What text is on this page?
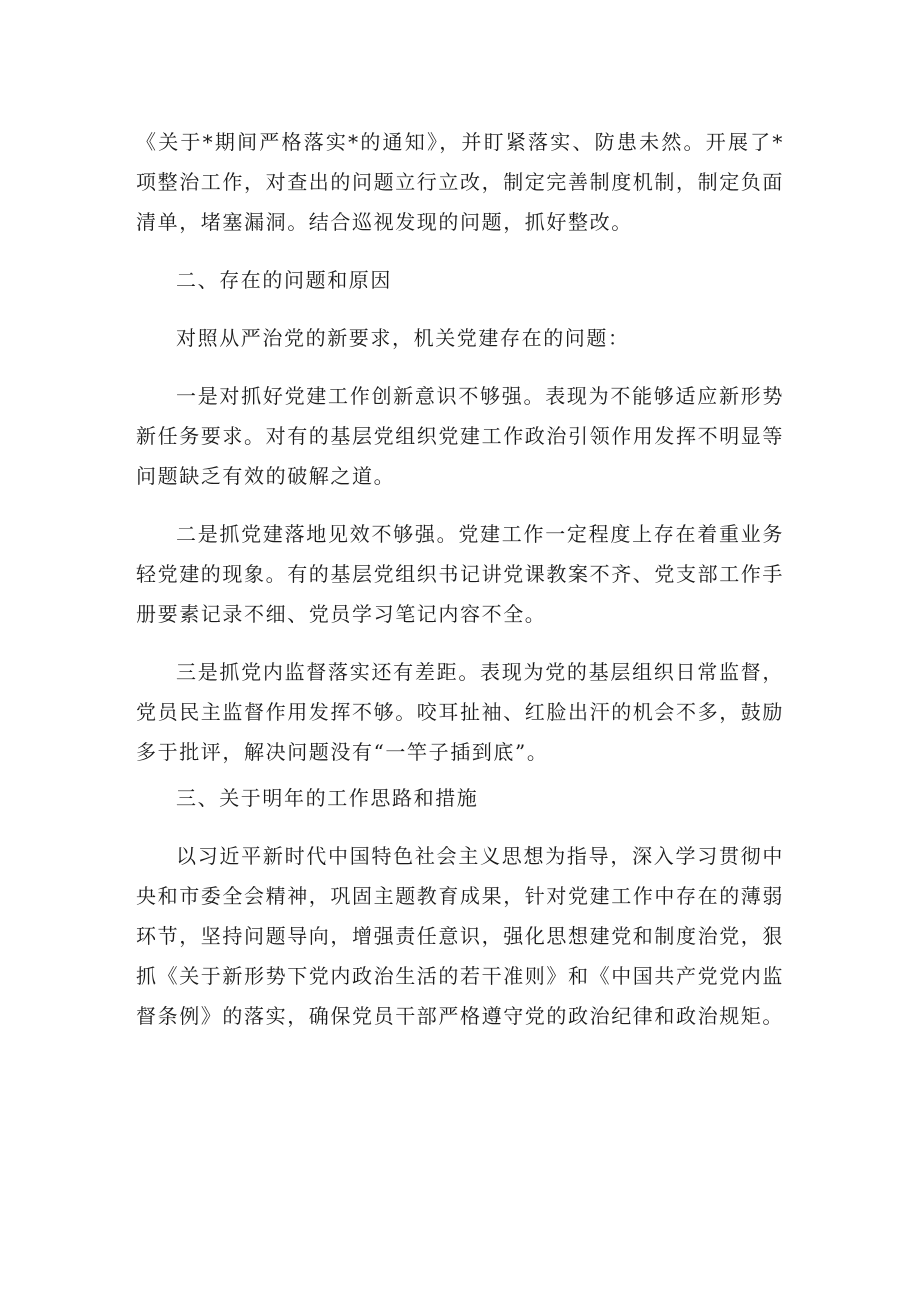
《关于*期间严格落实*的通知》，并盯紧落实、防患未然。开展了*项整治工作，对查出的问题立行立改，制定完善制度机制，制定负面清单，堵塞漏洞。结合巡视发现的问题，抓好整改。

二、存在的问题和原因

对照从严治党的新要求，机关党建存在的问题：

一是对抓好党建工作创新意识不够强。表现为不能够适应新形势新任务要求。对有的基层党组织党建工作政治引领作用发挥不明显等问题缺乏有效的破解之道。

二是抓党建落地见效不够强。党建工作一定程度上存在着重业务轻党建的现象。有的基层党组织书记讲党课教案不齐、党支部工作手册要素记录不细、党员学习笔记内容不全。

三是抓党内监督落实还有差距。表现为党的基层组织日常监督，党员民主监督作用发挥不够。咬耳扯袖、红脸出汗的机会不多，鼓励多于批评，解决问题没有“一竿子插到底”。

三、关于明年的工作思路和措施

以习近平新时代中国特色社会主义思想为指导，深入学习贯彻中央和市委全会精神，巩固主题教育成果，针对党建工作中存在的薄弱环节，坚持问题导向，增强责任意识，强化思想建党和制度治党，狠抓《关于新形势下党内政治生活的若干准则》和《中国共产党党内监督条例》的落实，确保党员干部严格遵守党的政治纪律和政治规矩。
